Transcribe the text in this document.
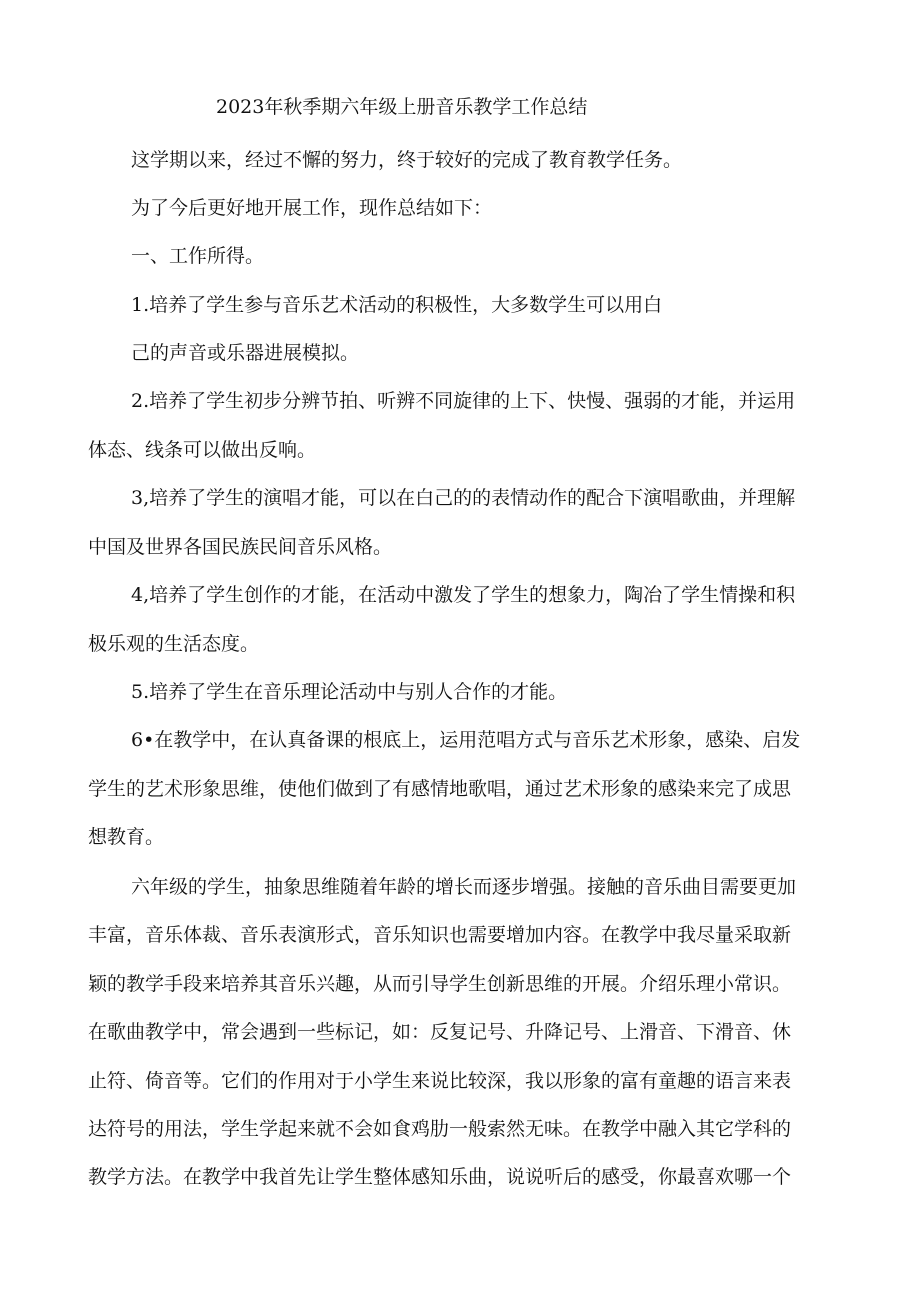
2023年秋季期六年级上册音乐教学工作总结
这学期以来，经过不懈的努力，终于较好的完成了教育教学任务。
为了今后更好地开展工作，现作总结如下：
一、工作所得。
1.培养了学生参与音乐艺术活动的积极性，大多数学生可以用白
己的声音或乐器进展模拟。
2.培养了学生初步分辨节拍、听辨不同旋律的上下、快慢、强弱的才能，并运用
体态、线条可以做出反响。
3,培养了学生的演唱才能，可以在白己的的表情动作的配合下演唱歌曲，并理解
中国及世界各国民族民间音乐风格。
4,培养了学生创作的才能，在活动中激发了学生的想象力，陶冶了学生情操和积
极乐观的生活态度。
5.培养了学生在音乐理论活动中与别人合作的才能。
6•在教学中，在认真备课的根底上，运用范唱方式与音乐艺术形象，感染、启发
学生的艺术形象思维，使他们做到了有感情地歌唱，通过艺术形象的感染来完了成思
想教育。
六年级的学生，抽象思维随着年龄的增长而逐步增强。接触的音乐曲目需要更加
丰富，音乐体裁、音乐表演形式，音乐知识也需要增加内容。在教学中我尽量采取新
颖的教学手段来培养其音乐兴趣，从而引导学生创新思维的开展。介绍乐理小常识。
在歌曲教学中，常会遇到一些标记，如：反复记号、升降记号、上滑音、下滑音、休
止符、倚音等。它们的作用对于小学生来说比较深，我以形象的富有童趣的语言来表
达符号的用法，学生学起来就不会如食鸡肋一般索然无味。在教学中融入其它学科的
教学方法。在教学中我首先让学生整体感知乐曲，说说听后的感受，你最喜欢哪一个
